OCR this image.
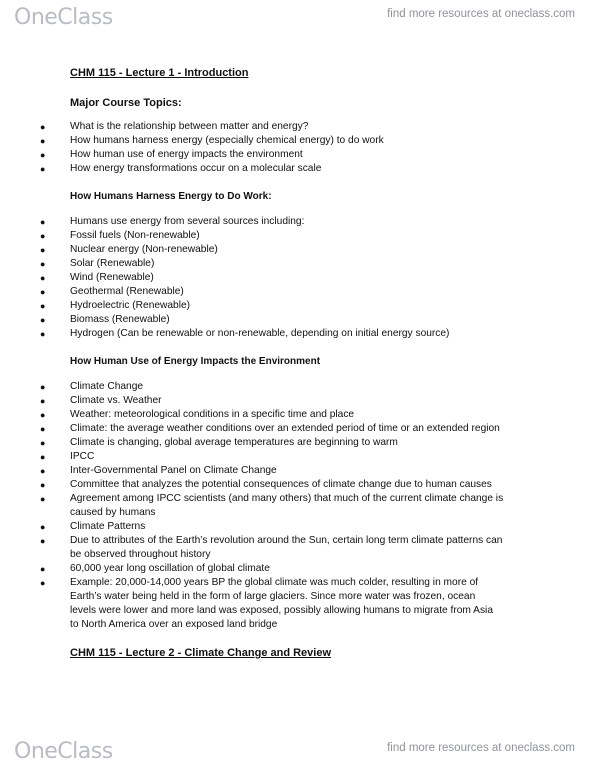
OneClass	find more resources at oneclass.com
CHM 115 - Lecture 1 - Introduction
Major Course Topics:
● What is the relationship between matter and energy?
● How humans harness energy (especially chemical energy) to do work
● How human use of energy impacts the environment
● How energy transformations occur on a molecular scale
How Humans Harness Energy to Do Work:
● Humans use energy from several sources including:
● Fossil fuels (Non-renewable)
● Nuclear energy (Non-renewable)
● Solar (Renewable)
● Wind (Renewable)
● Geothermal (Renewable)
● Hydroelectric (Renewable)
● Biomass (Renewable)
● Hydrogen (Can be renewable or non-renewable, depending on initial energy source)
How Human Use of Energy Impacts the Environment
● Climate Change
● Climate vs. Weather
● Weather: meteorological conditions in a specific time and place
● Climate: the average weather conditions over an extended period of time or an extended region
● Climate is changing, global average temperatures are beginning to warm
● IPCC
● Inter-Governmental Panel on Climate Change
● Committee that analyzes the potential consequences of climate change due to human causes
● Agreement among IPCC scientists (and many others) that much of the current climate change is
caused by humans
● Climate Patterns
● Due to attributes of the Earth’s revolution around the Sun, certain long term climate patterns can
be observed throughout history
● 60,000 year long oscillation of global climate
● Example: 20,000-14,000 years BP the global climate was much colder, resulting in more of
Earth’s water being held in the form of large glaciers. Since more water was frozen, ocean
levels were lower and more land was exposed, possibly allowing humans to migrate from Asia
to North America over an exposed land bridge
CHM 115 - Lecture 2 - Climate Change and Review
OneClass	find more resources at oneclass.com
